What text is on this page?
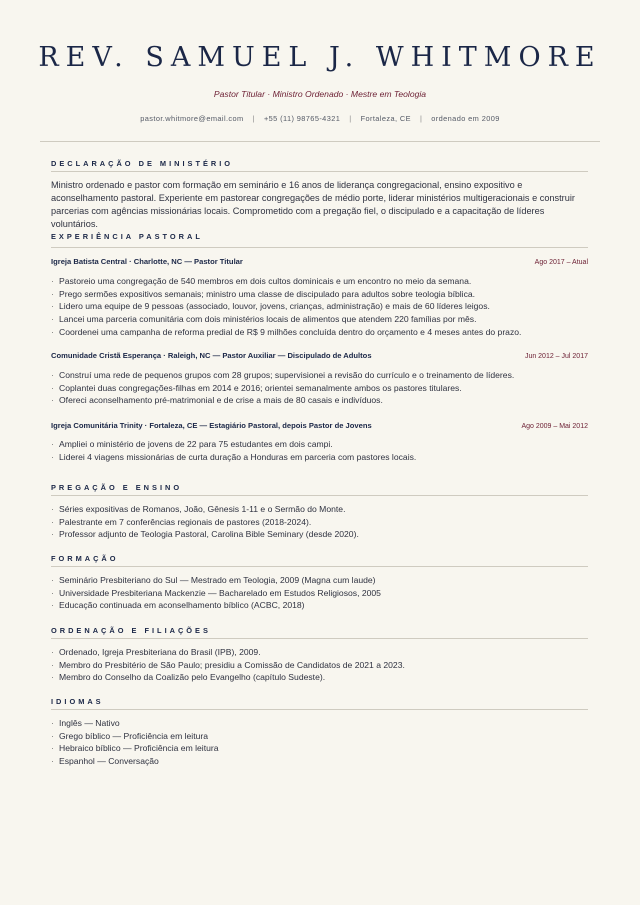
REV. SAMUEL J. WHITMORE
Pastor Titular · Ministro Ordenado · Mestre em Teologia
pastor.whitmore@email.com | +55 (11) 98765-4321 | Fortaleza, CE | ordenado em 2009
DECLARAÇÃO DE MINISTÉRIO
Ministro ordenado e pastor com formação em seminário e 16 anos de liderança congregacional, ensino expositivo e aconselhamento pastoral. Experiente em pastorear congregações de médio porte, liderar ministérios multigeracionais e construir parcerias com agências missionárias locais. Comprometido com a pregação fiel, o discipulado e a capacitação de líderes voluntários.
EXPERIÊNCIA PASTORAL
Igreja Batista Central · Charlotte, NC — Pastor Titular	Ago 2017 – Atual
· Pastoreio uma congregação de 540 membros em dois cultos dominicais e um encontro no meio da semana.
· Prego sermões expositivos semanais; ministro uma classe de discipulado para adultos sobre teologia bíblica.
· Lidero uma equipe de 9 pessoas (associado, louvor, jovens, crianças, administração) e mais de 60 líderes leigos.
· Lancei uma parceria comunitária com dois ministérios locais de alimentos que atendem 220 famílias por mês.
· Coordenei uma campanha de reforma predial de R$ 9 milhões concluída dentro do orçamento e 4 meses antes do prazo.
Comunidade Cristã Esperança · Raleigh, NC — Pastor Auxiliar — Discipulado de Adultos	Jun 2012 – Jul 2017
· Construí uma rede de pequenos grupos com 28 grupos; supervisionei a revisão do currículo e o treinamento de líderes.
· Coplantei duas congregações-filhas em 2014 e 2016; orientei semanalmente ambos os pastores titulares.
· Ofereci aconselhamento pré-matrimonial e de crise a mais de 80 casais e indivíduos.
Igreja Comunitária Trinity · Fortaleza, CE — Estagiário Pastoral, depois Pastor de Jovens	Ago 2009 – Mai 2012
· Ampliei o ministério de jovens de 22 para 75 estudantes em dois campi.
· Liderei 4 viagens missionárias de curta duração a Honduras em parceria com pastores locais.
PREGAÇÃO E ENSINO
· Séries expositivas de Romanos, João, Gênesis 1-11 e o Sermão do Monte.
· Palestrante em 7 conferências regionais de pastores (2018-2024).
· Professor adjunto de Teologia Pastoral, Carolina Bible Seminary (desde 2020).
FORMAÇÃO
· Seminário Presbiteriano do Sul — Mestrado em Teologia, 2009 (Magna cum laude)
· Universidade Presbiteriana Mackenzie — Bacharelado em Estudos Religiosos, 2005
· Educação continuada em aconselhamento bíblico (ACBC, 2018)
ORDENAÇÃO E FILIAÇÕES
· Ordenado, Igreja Presbiteriana do Brasil (IPB), 2009.
· Membro do Presbitério de São Paulo; presidiu a Comissão de Candidatos de 2021 a 2023.
· Membro do Conselho da Coalizão pelo Evangelho (capítulo Sudeste).
IDIOMAS
· Inglês — Nativo
· Grego bíblico — Proficiência em leitura
· Hebraico bíblico — Proficiência em leitura
· Espanhol — Conversação
